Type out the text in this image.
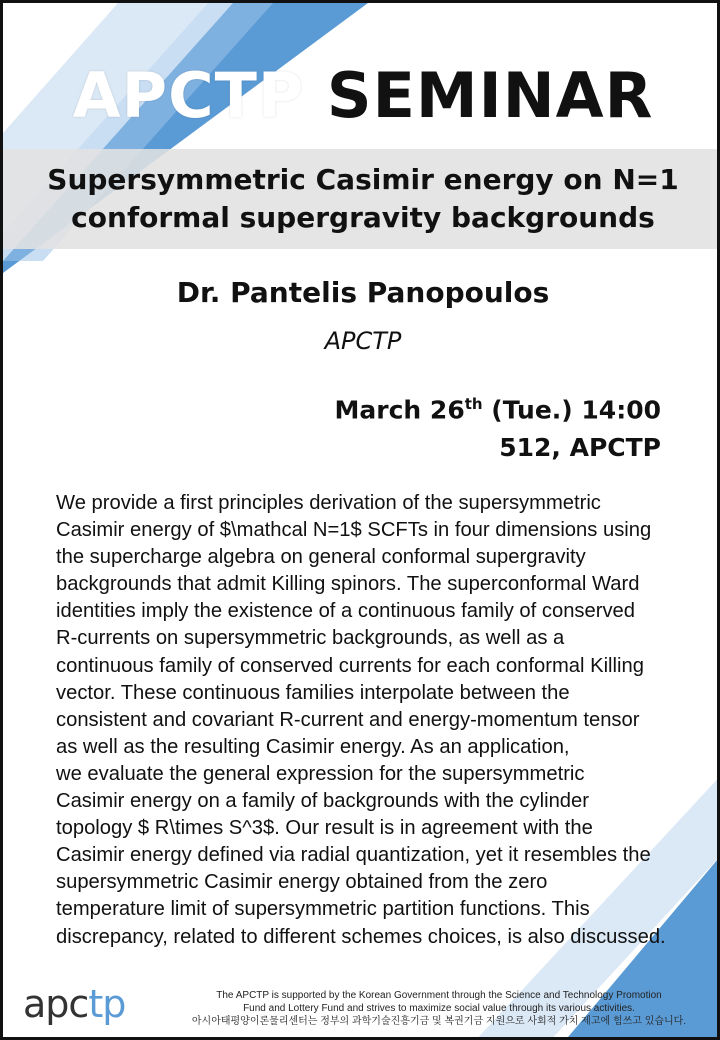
APCTP SEMINAR
Supersymmetric Casimir energy on N=1 conformal supergravity backgrounds
Dr. Pantelis Panopoulos
APCTP
March 26th (Tue.) 14:00
512, APCTP

We provide a first principles derivation of the supersymmetric

Casimir energy of $\mathcal N=1$ SCFTs in four dimensions using

the supercharge algebra on general conformal supergravity

backgrounds that admit Killing spinors. The superconformal Ward

identities imply the existence of a continuous family of conserved

R-currents on supersymmetric backgrounds, as well as a

continuous family of conserved currents for each conformal Killing

vector. These continuous families interpolate between the

consistent and covariant R-current and energy-momentum tensor

as well as the resulting Casimir energy. As an application,

we evaluate the general expression for the supersymmetric

Casimir energy on a family of backgrounds with the cylinder

topology $ R\times S^3$. Our result is in agreement with the

Casimir energy defined via radial quantization, yet it resembles the

supersymmetric Casimir energy obtained from the zero

temperature limit of supersymmetric partition functions. This

discrepancy, related to different schemes choices, is also discussed.

apctp	The APCTP is supported by the Korean Government through the Science and Technology Promotion

Fund and Lottery Fund and strives to maximize social value through its various activities.

아시아태평양이론물리센터는 정부의 과학기술진흥기금 및 복권기금 지원으로 사회적 가치 제고에 힘쓰고 있습니다.
